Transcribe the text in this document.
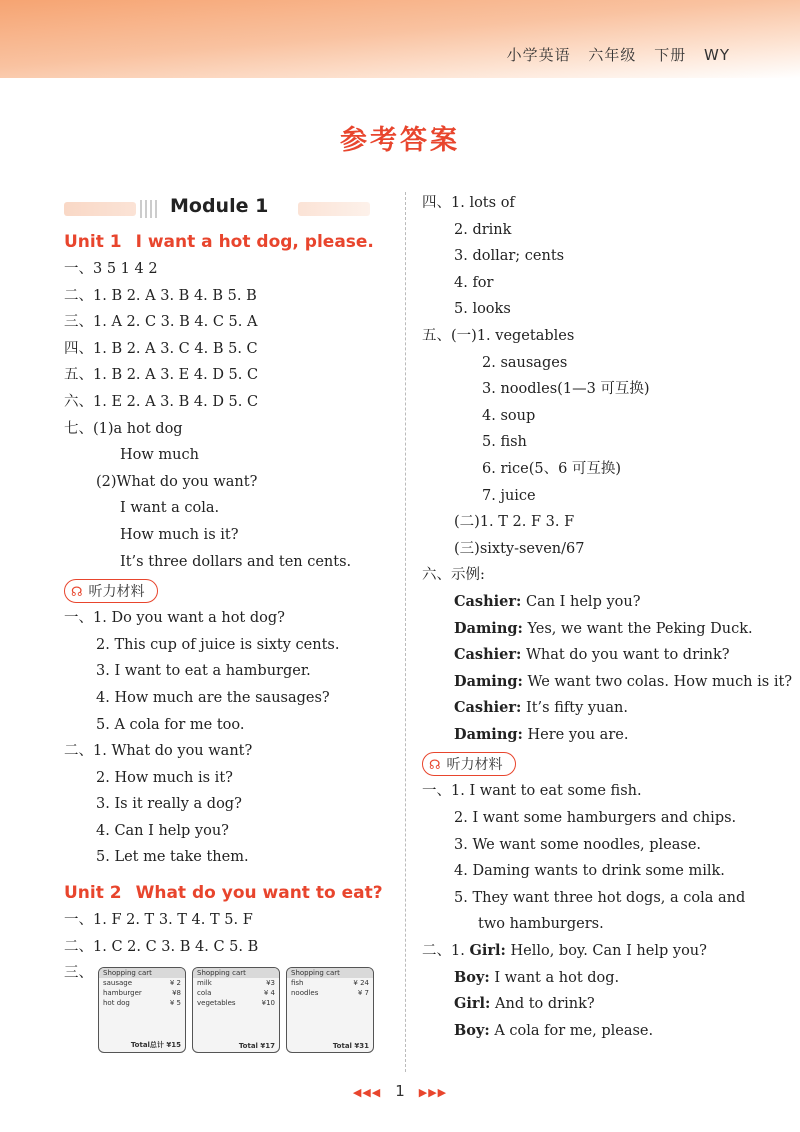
小学英语 六年级 下册 WY
参考答案
Module 1
Unit 1 I want a hot dog, please.
一、3 5 1 4 2
二、1. B 2. A 3. B 4. B 5. B
三、1. A 2. C 3. B 4. C 5. A
四、1. B 2. A 3. C 4. B 5. C
五、1. B 2. A 3. E 4. D 5. C
六、1. E 2. A 3. B 4. D 5. C
七、(1)a hot dog
How much
(2)What do you want?
I want a cola.
How much is it?
It’s three dollars and ten cents.
☊ 听力材料
一、1. Do you want a hot dog?
2. This cup of juice is sixty cents.
3. I want to eat a hamburger.
4. How much are the sausages?
5. A cola for me too.
二、1. What do you want?
2. How much is it?
3. Is it really a dog?
4. Can I help you?
5. Let me take them.
Unit 2 What do you want to eat?
一、1. F 2. T 3. T 4. T 5. F
二、1. C 2. C 3. B 4. C 5. B
三、	Shopping cart
sausage	¥ 2
hamburger	¥8
hot dog	¥ 5
Total总计 ¥15
Shopping cart
milk	¥3
cola	¥ 4
vegetables	¥10
Total ¥17
Shopping cart
fish	¥ 24
noodles	¥ 7
Total ¥31
四、1. lots of
2. drink
3. dollar; cents
4. for
5. looks
五、(一)1. vegetables
2. sausages
3. noodles(1—3 可互换)
4. soup
5. fish
6. rice(5、6 可互换)
7. juice
(二)1. T 2. F 3. F
(三)sixty-seven/67
六、示例:
Cashier: Can I help you?
Daming: Yes, we want the Peking Duck.
Cashier: What do you want to drink?
Daming: We want two colas. How much is it?
Cashier: It’s fifty yuan.
Daming: Here you are.
☊ 听力材料
一、1. I want to eat some fish.
2. I want some hamburgers and chips.
3. We want some noodles, please.
4. Daming wants to drink some milk.
5. They want three hot dogs, a cola and
two hamburgers.
二、1. Girl: Hello, boy. Can I help you?
Boy: I want a hot dog.
Girl: And to drink?
Boy: A cola for me, please.
◀◀◀ 1 ▶▶▶
